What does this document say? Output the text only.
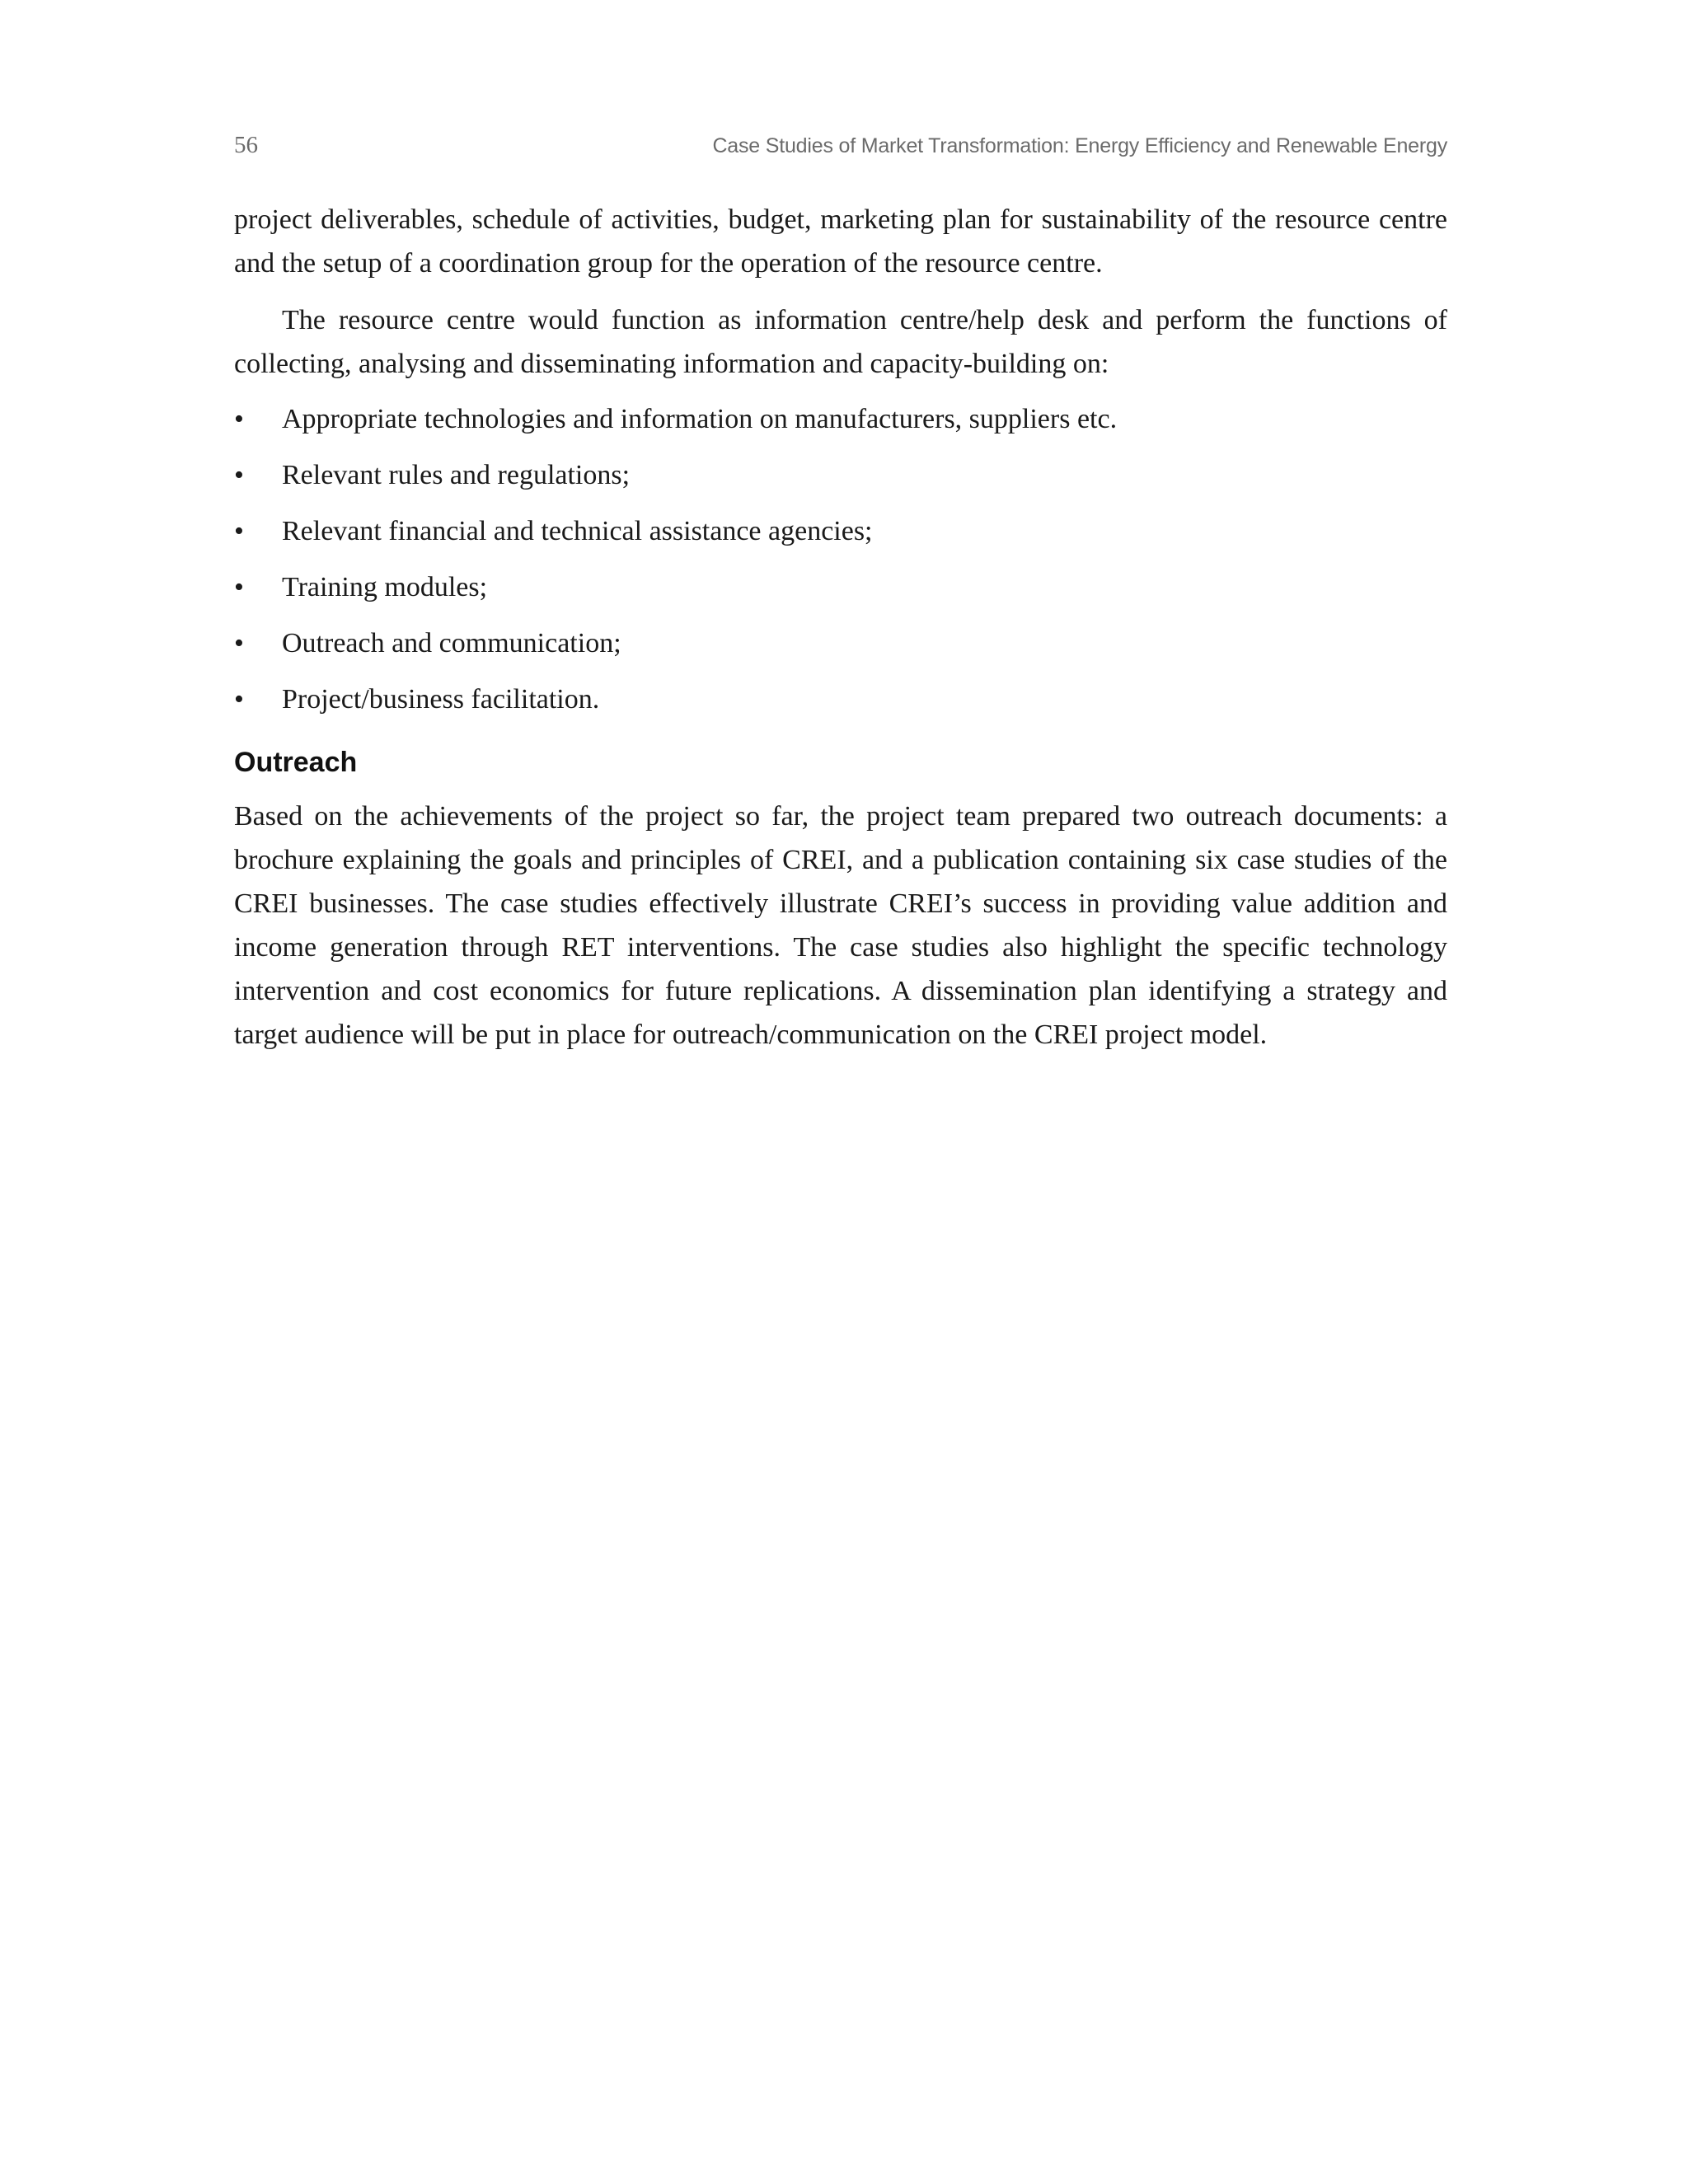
56	Case Studies of Market Transformation: Energy Efficiency and Renewable Energy

project deliverables, schedule of activities, budget, marketing plan for sustainability of the resource centre and the setup of a coordination group for the operation of the resource centre.

The resource centre would function as information centre/help desk and perform the functions of collecting, analysing and disseminating information and capacity-building on:

• Appropriate technologies and information on manufacturers, suppliers etc.
• Relevant rules and regulations;
• Relevant financial and technical assistance agencies;
• Training modules;
• Outreach and communication;
• Project/business facilitation.
Outreach

Based on the achievements of the project so far, the project team prepared two outreach documents: a brochure explaining the goals and principles of CREI, and a publication containing six case studies of the CREI businesses. The case studies effectively illustrate CREI’s success in providing value addition and income generation through RET interventions. The case studies also highlight the specific technology intervention and cost economics for future replications. A dissemination plan identifying a strategy and target audience will be put in place for outreach/communication on the CREI project model.
